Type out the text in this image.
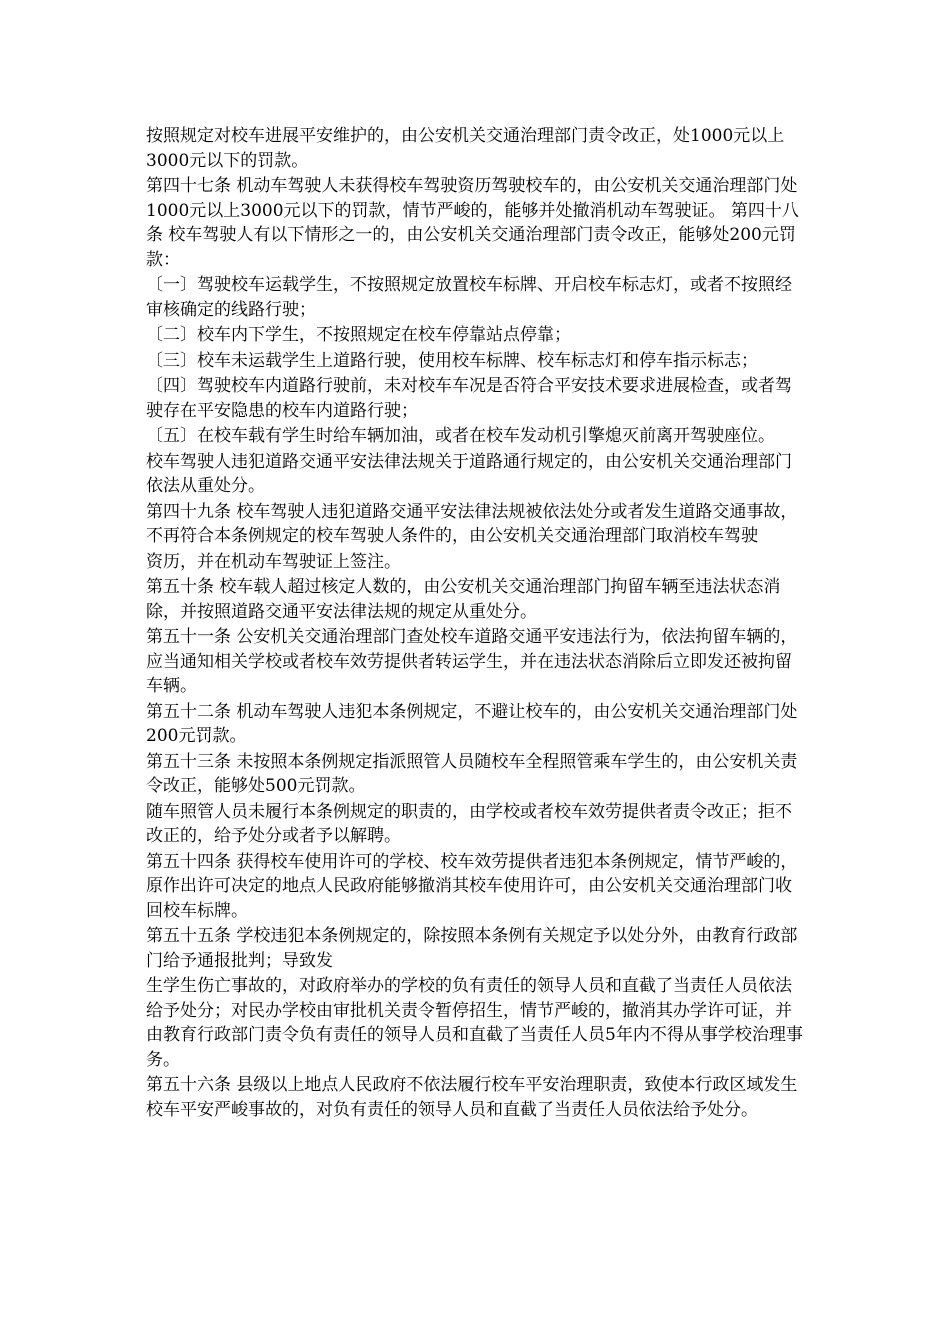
按照规定对校车进展平安维护的，由公安机关交通治理部门责令改正，处1000元以上3000元以下的罚款。

第四十七条 机动车驾驶人未获得校车驾驶资历驾驶校车的，由公安机关交通治理部门处1000元以上3000元以下的罚款，情节严峻的，能够并处撤消机动车驾驶证。 第四十八条 校车驾驶人有以下情形之一的，由公安机关交通治理部门责令改正，能够处200元罚款：

〔一〕驾驶校车运载学生，不按照规定放置校车标牌、开启校车标志灯，或者不按照经审核确定的线路行驶；

〔二〕校车内下学生，不按照规定在校车停靠站点停靠；

〔三〕校车未运载学生上道路行驶，使用校车标牌、校车标志灯和停车指示标志；

〔四〕驾驶校车内道路行驶前，未对校车车况是否符合平安技术要求进展检查，或者驾驶存在平安隐患的校车内道路行驶；

〔五〕在校车载有学生时给车辆加油，或者在校车发动机引擎熄灭前离开驾驶座位。

校车驾驶人违犯道路交通平安法律法规关于道路通行规定的，由公安机关交通治理部门依法从重处分。

第四十九条 校车驾驶人违犯道路交通平安法律法规被依法处分或者发生道路交通事故，不再符合本条例规定的校车驾驶人条件的，由公安机关交通治理部门取消校车驾驶

资历，并在机动车驾驶证上签注。

第五十条 校车载人超过核定人数的，由公安机关交通治理部门拘留车辆至违法状态消除，并按照道路交通平安法律法规的规定从重处分。

第五十一条 公安机关交通治理部门查处校车道路交通平安违法行为，依法拘留车辆的，应当通知相关学校或者校车效劳提供者转运学生，并在违法状态消除后立即发还被拘留车辆。

第五十二条 机动车驾驶人违犯本条例规定，不避让校车的，由公安机关交通治理部门处200元罚款。

第五十三条 未按照本条例规定指派照管人员随校车全程照管乘车学生的，由公安机关责令改正，能够处500元罚款。

随车照管人员未履行本条例规定的职责的，由学校或者校车效劳提供者责令改正；拒不改正的，给予处分或者予以解聘。

第五十四条 获得校车使用许可的学校、校车效劳提供者违犯本条例规定，情节严峻的，原作出许可决定的地点人民政府能够撤消其校车使用许可，由公安机关交通治理部门收回校车标牌。

第五十五条 学校违犯本条例规定的，除按照本条例有关规定予以处分外，由教育行政部门给予通报批判；导致发

生学生伤亡事故的，对政府举办的学校的负有责任的领导人员和直截了当责任人员依法给予处分；对民办学校由审批机关责令暂停招生，情节严峻的，撤消其办学许可证，并由教育行政部门责令负有责任的领导人员和直截了当责任人员5年内不得从事学校治理事务。

第五十六条 县级以上地点人民政府不依法履行校车平安治理职责，致使本行政区域发生校车平安严峻事故的，对负有责任的领导人员和直截了当责任人员依法给予处分。
